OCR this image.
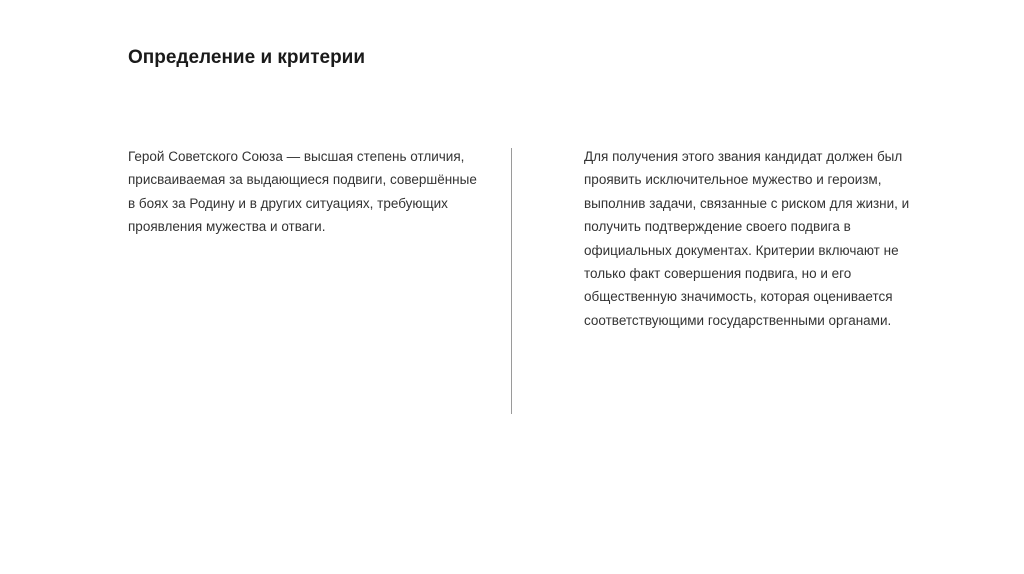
Определение и критерии

Герой Советского Союза — высшая степень отличия, присваиваемая за выдающиеся подвиги, совершённые в боях за Родину и в других ситуациях, требующих проявления мужества и отваги.

Для получения этого звания кандидат должен был проявить исключительное мужество и героизм, выполнив задачи, связанные с риском для жизни, и получить подтверждение своего подвига в официальных документах. Критерии включают не только факт совершения подвига, но и его общественную значимость, которая оценивается соответствующими государственными органами.
